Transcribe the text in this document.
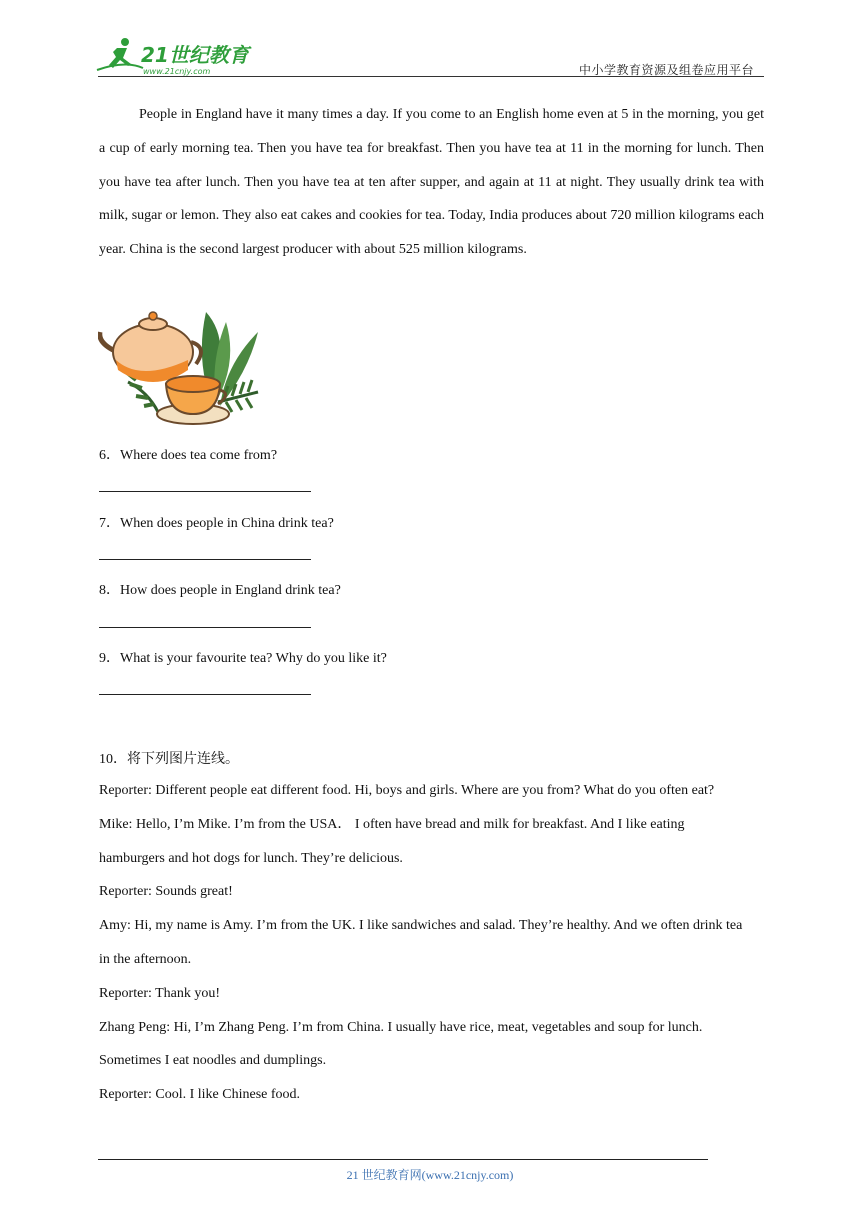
21世纪教育
www.21cnjy.com	中小学教育资源及组卷应用平台
People in England have it many times a day. If you come to an English home even at 5 in the morning, you get a cup of early morning tea. Then you have tea for breakfast. Then you have tea at 11 in the morning for lunch. Then you have tea after lunch. Then you have tea at ten after supper, and again at 11 at night. They usually drink tea with milk, sugar or lemon. They also eat cakes and cookies for tea. Today, India produces about 720 million kilograms each year. China is the second largest producer with about 525 million kilograms.
6．Where does tea come from?
7．When does people in China drink tea?
8．How does people in England drink tea?
9．What is your favourite tea? Why do you like it?
10．将下列图片连线。
Reporter: Different people eat different food. Hi, boys and girls. Where are you from? What do you often eat?
Mike: Hello, I’m Mike. I’m from the USA． I often have bread and milk for breakfast. And I like eating hamburgers and hot dogs for lunch. They’re delicious.
Reporter: Sounds great!
Amy: Hi, my name is Amy. I’m from the UK. I like sandwiches and salad. They’re healthy. And we often drink tea in the afternoon.
Reporter: Thank you!
Zhang Peng: Hi, I’m Zhang Peng. I’m from China. I usually have rice, meat, vegetables and soup for lunch. Sometimes I eat noodles and dumplings.
Reporter: Cool. I like Chinese food.
21 世纪教育网(www.21cnjy.com)
